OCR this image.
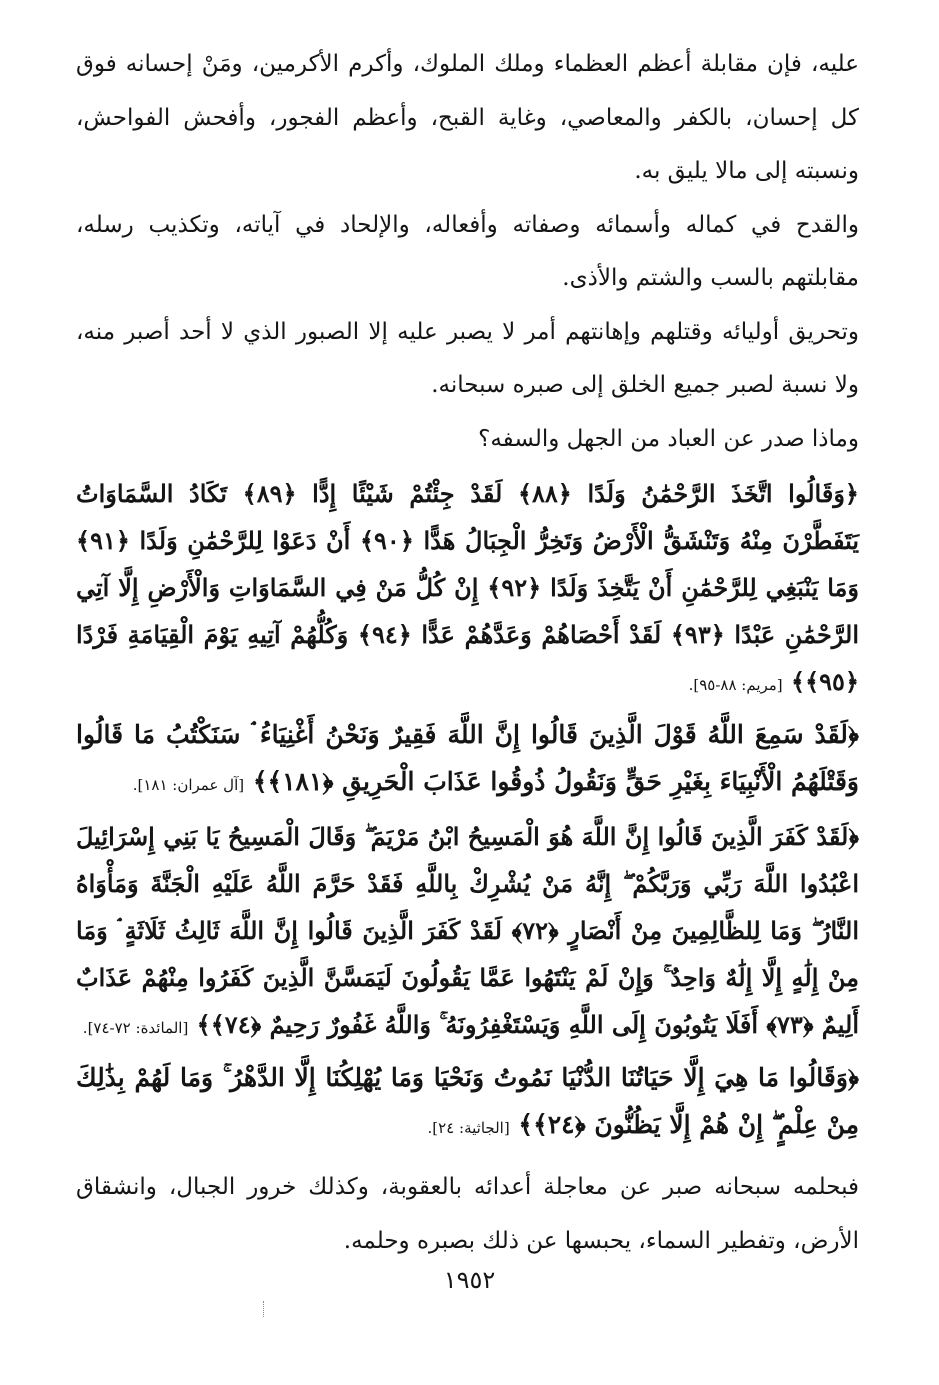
عليه، فإن مقابلة أعظم العظماء وملك الملوك، وأكرم الأكرمين، ومَنْ إحسانه فوق كل إحسان، بالكفر والمعاصي، وغاية القبح، وأعظم الفجور، وأفحش الفواحش، ونسبته إلى مالا يليق به.

والقدح في كماله وأسمائه وصفاته وأفعاله، والإلحاد في آياته، وتكذيب رسله، مقابلتهم بالسب والشتم والأذى.

وتحريق أوليائه وقتلهم وإهانتهم أمر لا يصبر عليه إلا الصبور الذي لا أحد أصبر منه، ولا نسبة لصبر جميع الخلق إلى صبره سبحانه.

وماذا صدر عن العباد من الجهل والسفه؟

﴿وَقَالُوا اتَّخَذَ الرَّحْمَٰنُ وَلَدًا ﴿٨٨﴾ لَقَدْ جِئْتُمْ شَيْئًا إِدًّا ﴿٨٩﴾ تَكَادُ السَّمَاوَاتُ يَتَفَطَّرْنَ مِنْهُ وَتَنْشَقُّ الْأَرْضُ وَتَخِرُّ الْجِبَالُ هَدًّا ﴿٩٠﴾ أَنْ دَعَوْا لِلرَّحْمَٰنِ وَلَدًا ﴿٩١﴾ وَمَا يَنْبَغِي لِلرَّحْمَٰنِ أَنْ يَتَّخِذَ وَلَدًا ﴿٩٢﴾ إِنْ كُلُّ مَنْ فِي السَّمَاوَاتِ وَالْأَرْضِ إِلَّا آتِي الرَّحْمَٰنِ عَبْدًا ﴿٩٣﴾ لَقَدْ أَحْصَاهُمْ وَعَدَّهُمْ عَدًّا ﴿٩٤﴾ وَكُلُّهُمْ آتِيهِ يَوْمَ الْقِيَامَةِ فَرْدًا ﴿٩٥﴾﴾ [مريم: ٨٨-٩٥].

﴿لَقَدْ سَمِعَ اللَّهُ قَوْلَ الَّذِينَ قَالُوا إِنَّ اللَّهَ فَقِيرٌ وَنَحْنُ أَغْنِيَاءُ ۘ سَنَكْتُبُ مَا قَالُوا وَقَتْلَهُمُ الْأَنْبِيَاءَ بِغَيْرِ حَقٍّ وَنَقُولُ ذُوقُوا عَذَابَ الْحَرِيقِ ﴿١٨١﴾﴾ [آل عمران: ١٨١].

﴿لَقَدْ كَفَرَ الَّذِينَ قَالُوا إِنَّ اللَّهَ هُوَ الْمَسِيحُ ابْنُ مَرْيَمَ ۖ وَقَالَ الْمَسِيحُ يَا بَنِي إِسْرَائِيلَ اعْبُدُوا اللَّهَ رَبِّي وَرَبَّكُمْ ۖ إِنَّهُ مَنْ يُشْرِكْ بِاللَّهِ فَقَدْ حَرَّمَ اللَّهُ عَلَيْهِ الْجَنَّةَ وَمَأْوَاهُ النَّارُ ۖ وَمَا لِلظَّالِمِينَ مِنْ أَنْصَارٍ ﴿٧٢﴾ لَقَدْ كَفَرَ الَّذِينَ قَالُوا إِنَّ اللَّهَ ثَالِثُ ثَلَاثَةٍ ۘ وَمَا مِنْ إِلَٰهٍ إِلَّا إِلَٰهٌ وَاحِدٌ ۚ وَإِنْ لَمْ يَنْتَهُوا عَمَّا يَقُولُونَ لَيَمَسَّنَّ الَّذِينَ كَفَرُوا مِنْهُمْ عَذَابٌ أَلِيمٌ ﴿٧٣﴾ أَفَلَا يَتُوبُونَ إِلَى اللَّهِ وَيَسْتَغْفِرُونَهُ ۚ وَاللَّهُ غَفُورٌ رَحِيمٌ ﴿٧٤﴾﴾ [المائدة: ٧٢-٧٤].

﴿وَقَالُوا مَا هِيَ إِلَّا حَيَاتُنَا الدُّنْيَا نَمُوتُ وَنَحْيَا وَمَا يُهْلِكُنَا إِلَّا الدَّهْرُ ۚ وَمَا لَهُمْ بِذَٰلِكَ مِنْ عِلْمٍ ۖ إِنْ هُمْ إِلَّا يَظُنُّونَ ﴿٢٤﴾﴾ [الجاثية: ٢٤].

فبحلمه سبحانه صبر عن معاجلة أعدائه بالعقوبة، وكذلك خرور الجبال، وانشقاق الأرض، وتفطير السماء، يحبسها عن ذلك بصبره وحلمه.

١٩٥٢
